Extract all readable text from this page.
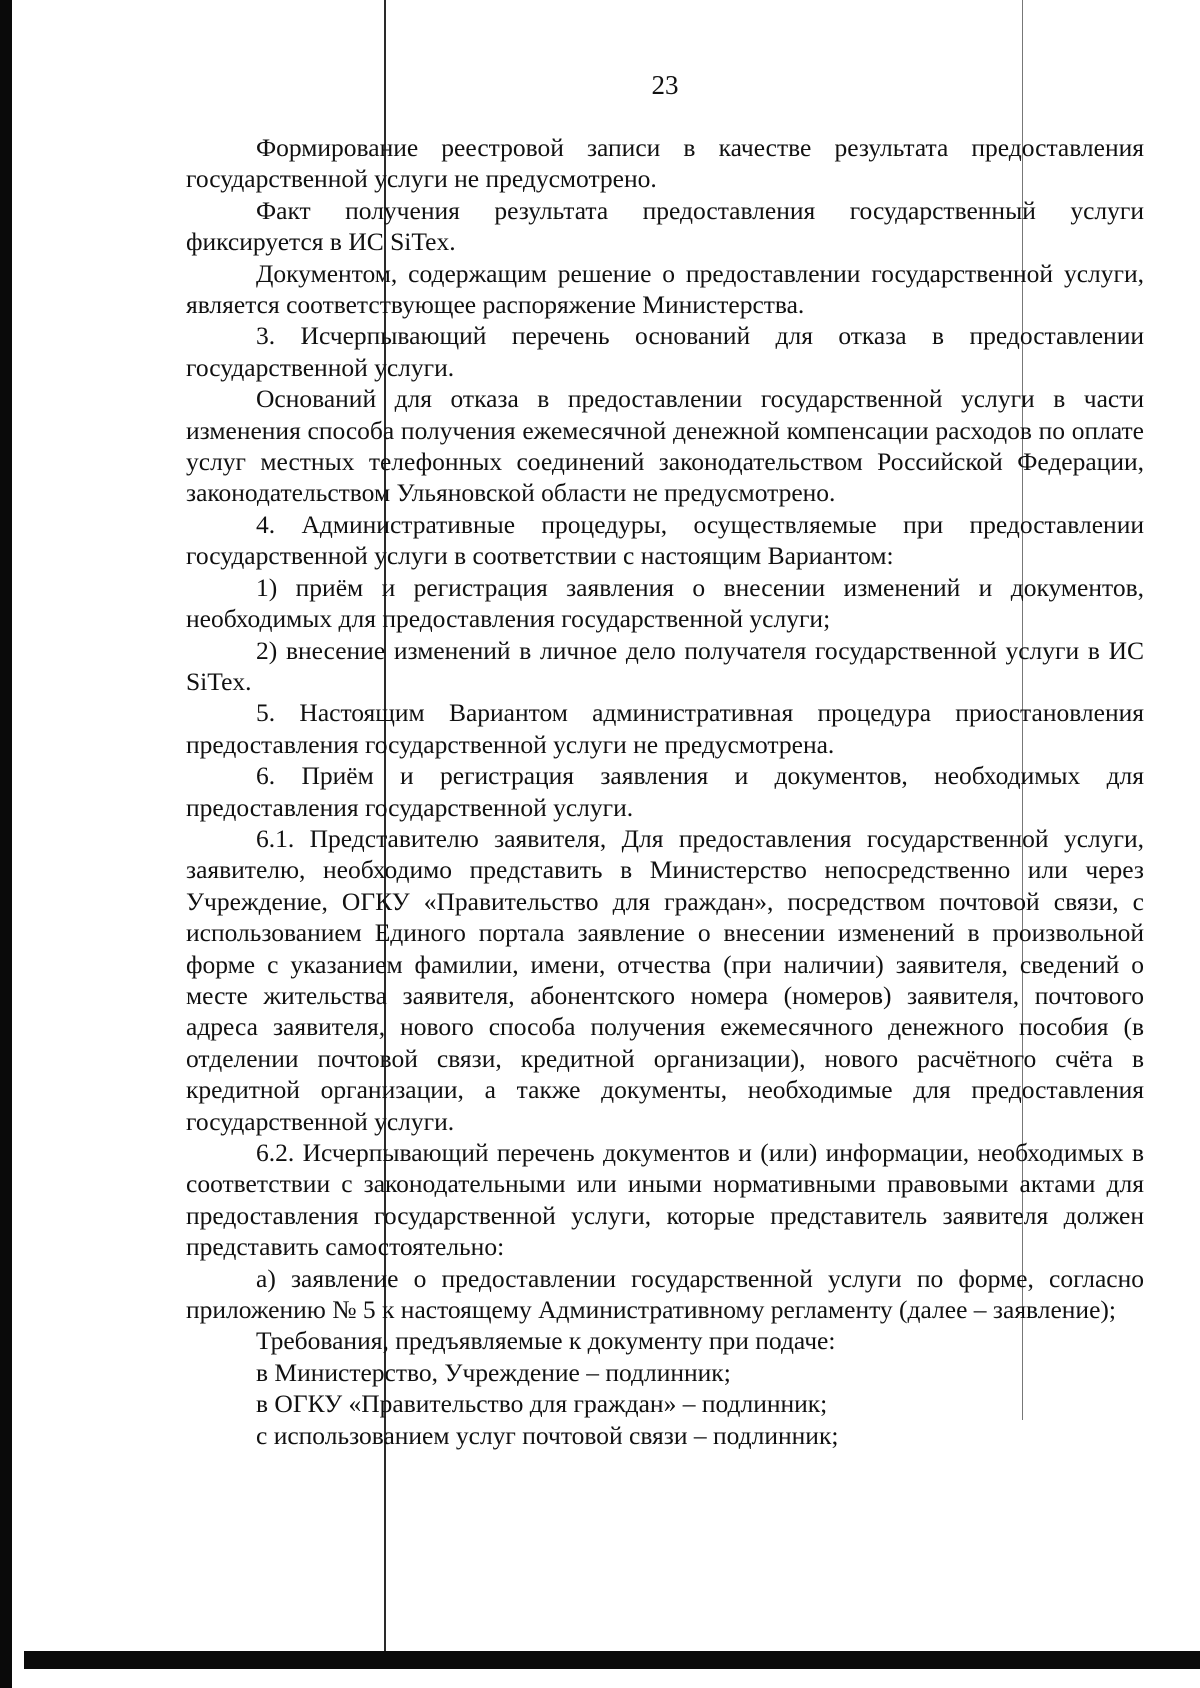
23

Формирование реестровой записи в качестве результата предоставления государственной услуги не предусмотрено.

Факт получения результата предоставления государственный услуги фиксируется в ИС SiTex.

Документом, содержащим решение о предоставлении государственной услуги, является соответствующее распоряжение Министерства.

3. Исчерпывающий перечень оснований для отказа в предоставлении государственной услуги.

Оснований для отказа в предоставлении государственной услуги в части изменения способа получения ежемесячной денежной компенсации расходов по оплате услуг местных телефонных соединений законодательством Российской Федерации, законодательством Ульяновской области не предусмотрено.

4. Административные процедуры, осуществляемые при предоставлении государственной услуги в соответствии с настоящим Вариантом:

1) приём и регистрация заявления о внесении изменений и документов, необходимых для предоставления государственной услуги;

2) внесение изменений в личное дело получателя государственной услуги в ИС SiTex.

5. Настоящим Вариантом административная процедура приостановления предоставления государственной услуги не предусмотрена.

6. Приём и регистрация заявления и документов, необходимых для предоставления государственной услуги.

6.1. Представителю заявителя, Для предоставления государственной услуги, заявителю, необходимо представить в Министерство непосредственно или через Учреждение, ОГКУ «Правительство для граждан», посредством почтовой связи, с использованием Единого портала заявление о внесении изменений в произвольной форме с указанием фамилии, имени, отчества (при наличии) заявителя, сведений о месте жительства заявителя, абонентского номера (номеров) заявителя, почтового адреса заявителя, нового способа получения ежемесячного денежного пособия (в отделении почтовой связи, кредитной организации), нового расчётного счёта в кредитной организации, а также документы, необходимые для предоставления государственной услуги.

6.2. Исчерпывающий перечень документов и (или) информации, необходимых в соответствии с законодательными или иными нормативными правовыми актами для предоставления государственной услуги, которые представитель заявителя должен представить самостоятельно:

а) заявление о предоставлении государственной услуги по форме, согласно приложению № 5 к настоящему Административному регламенту (далее – заявление);

Требования, предъявляемые к документу при подаче:

в Министерство, Учреждение – подлинник;

в ОГКУ «Правительство для граждан» – подлинник;

с использованием услуг почтовой связи – подлинник;
